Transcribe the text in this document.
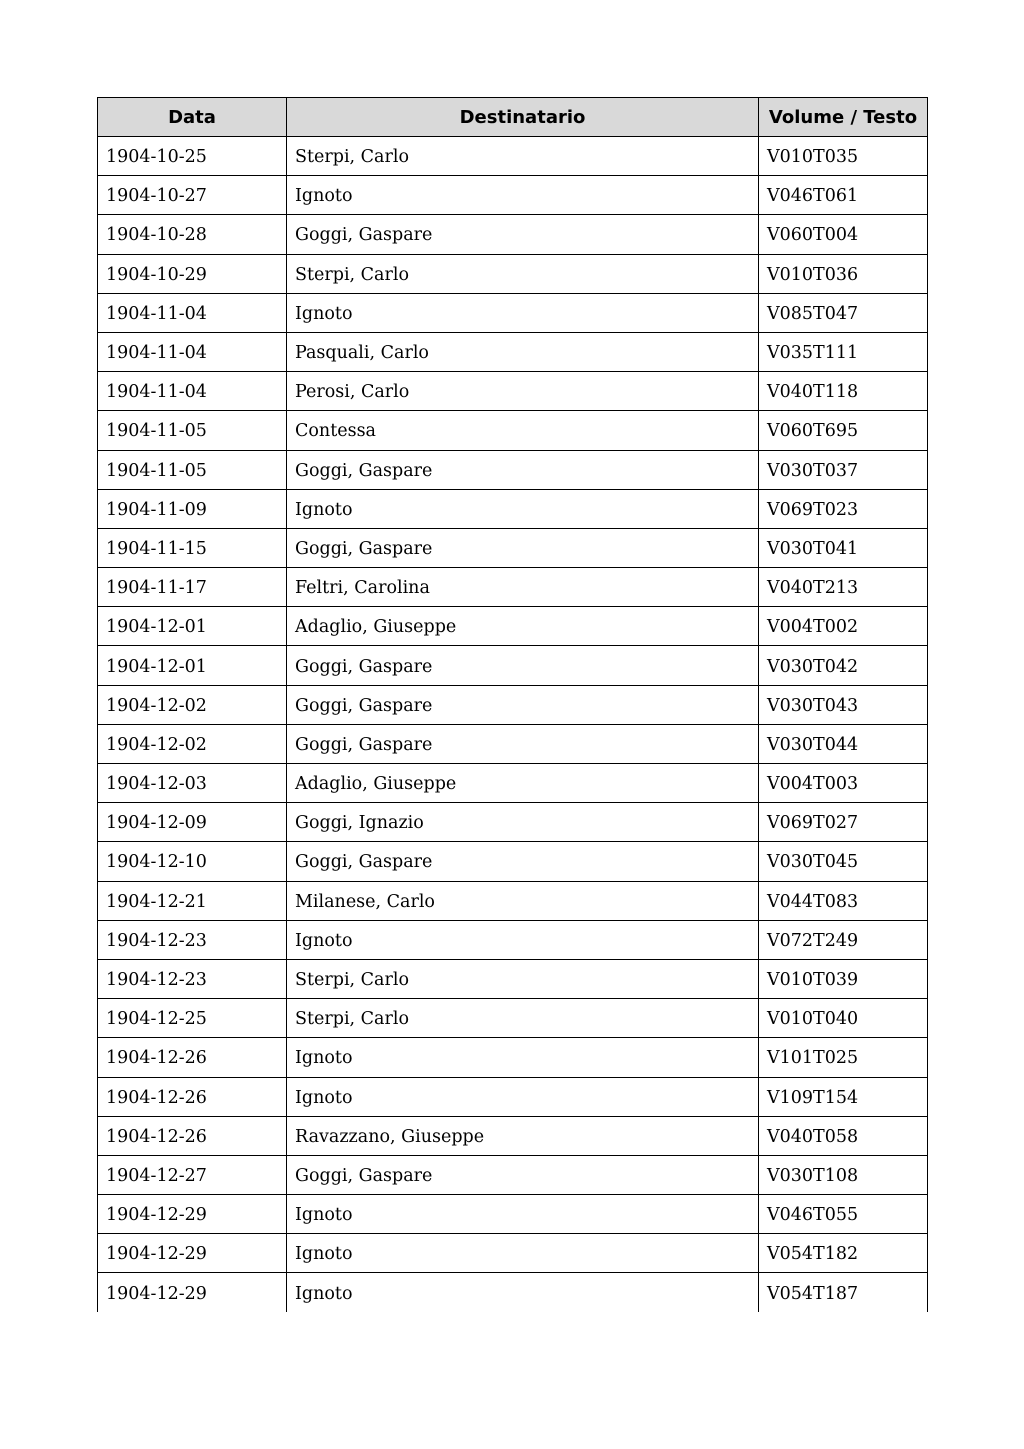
Data	Destinatario	Volume / Testo
1904-10-25	Sterpi, Carlo	V010T035
1904-10-27	Ignoto	V046T061
1904-10-28	Goggi, Gaspare	V060T004
1904-10-29	Sterpi, Carlo	V010T036
1904-11-04	Ignoto	V085T047
1904-11-04	Pasquali, Carlo	V035T111
1904-11-04	Perosi, Carlo	V040T118
1904-11-05	Contessa	V060T695
1904-11-05	Goggi, Gaspare	V030T037
1904-11-09	Ignoto	V069T023
1904-11-15	Goggi, Gaspare	V030T041
1904-11-17	Feltri, Carolina	V040T213
1904-12-01	Adaglio, Giuseppe	V004T002
1904-12-01	Goggi, Gaspare	V030T042
1904-12-02	Goggi, Gaspare	V030T043
1904-12-02	Goggi, Gaspare	V030T044
1904-12-03	Adaglio, Giuseppe	V004T003
1904-12-09	Goggi, Ignazio	V069T027
1904-12-10	Goggi, Gaspare	V030T045
1904-12-21	Milanese, Carlo	V044T083
1904-12-23	Ignoto	V072T249
1904-12-23	Sterpi, Carlo	V010T039
1904-12-25	Sterpi, Carlo	V010T040
1904-12-26	Ignoto	V101T025
1904-12-26	Ignoto	V109T154
1904-12-26	Ravazzano, Giuseppe	V040T058
1904-12-27	Goggi, Gaspare	V030T108
1904-12-29	Ignoto	V046T055
1904-12-29	Ignoto	V054T182
1904-12-29	Ignoto	V054T187
